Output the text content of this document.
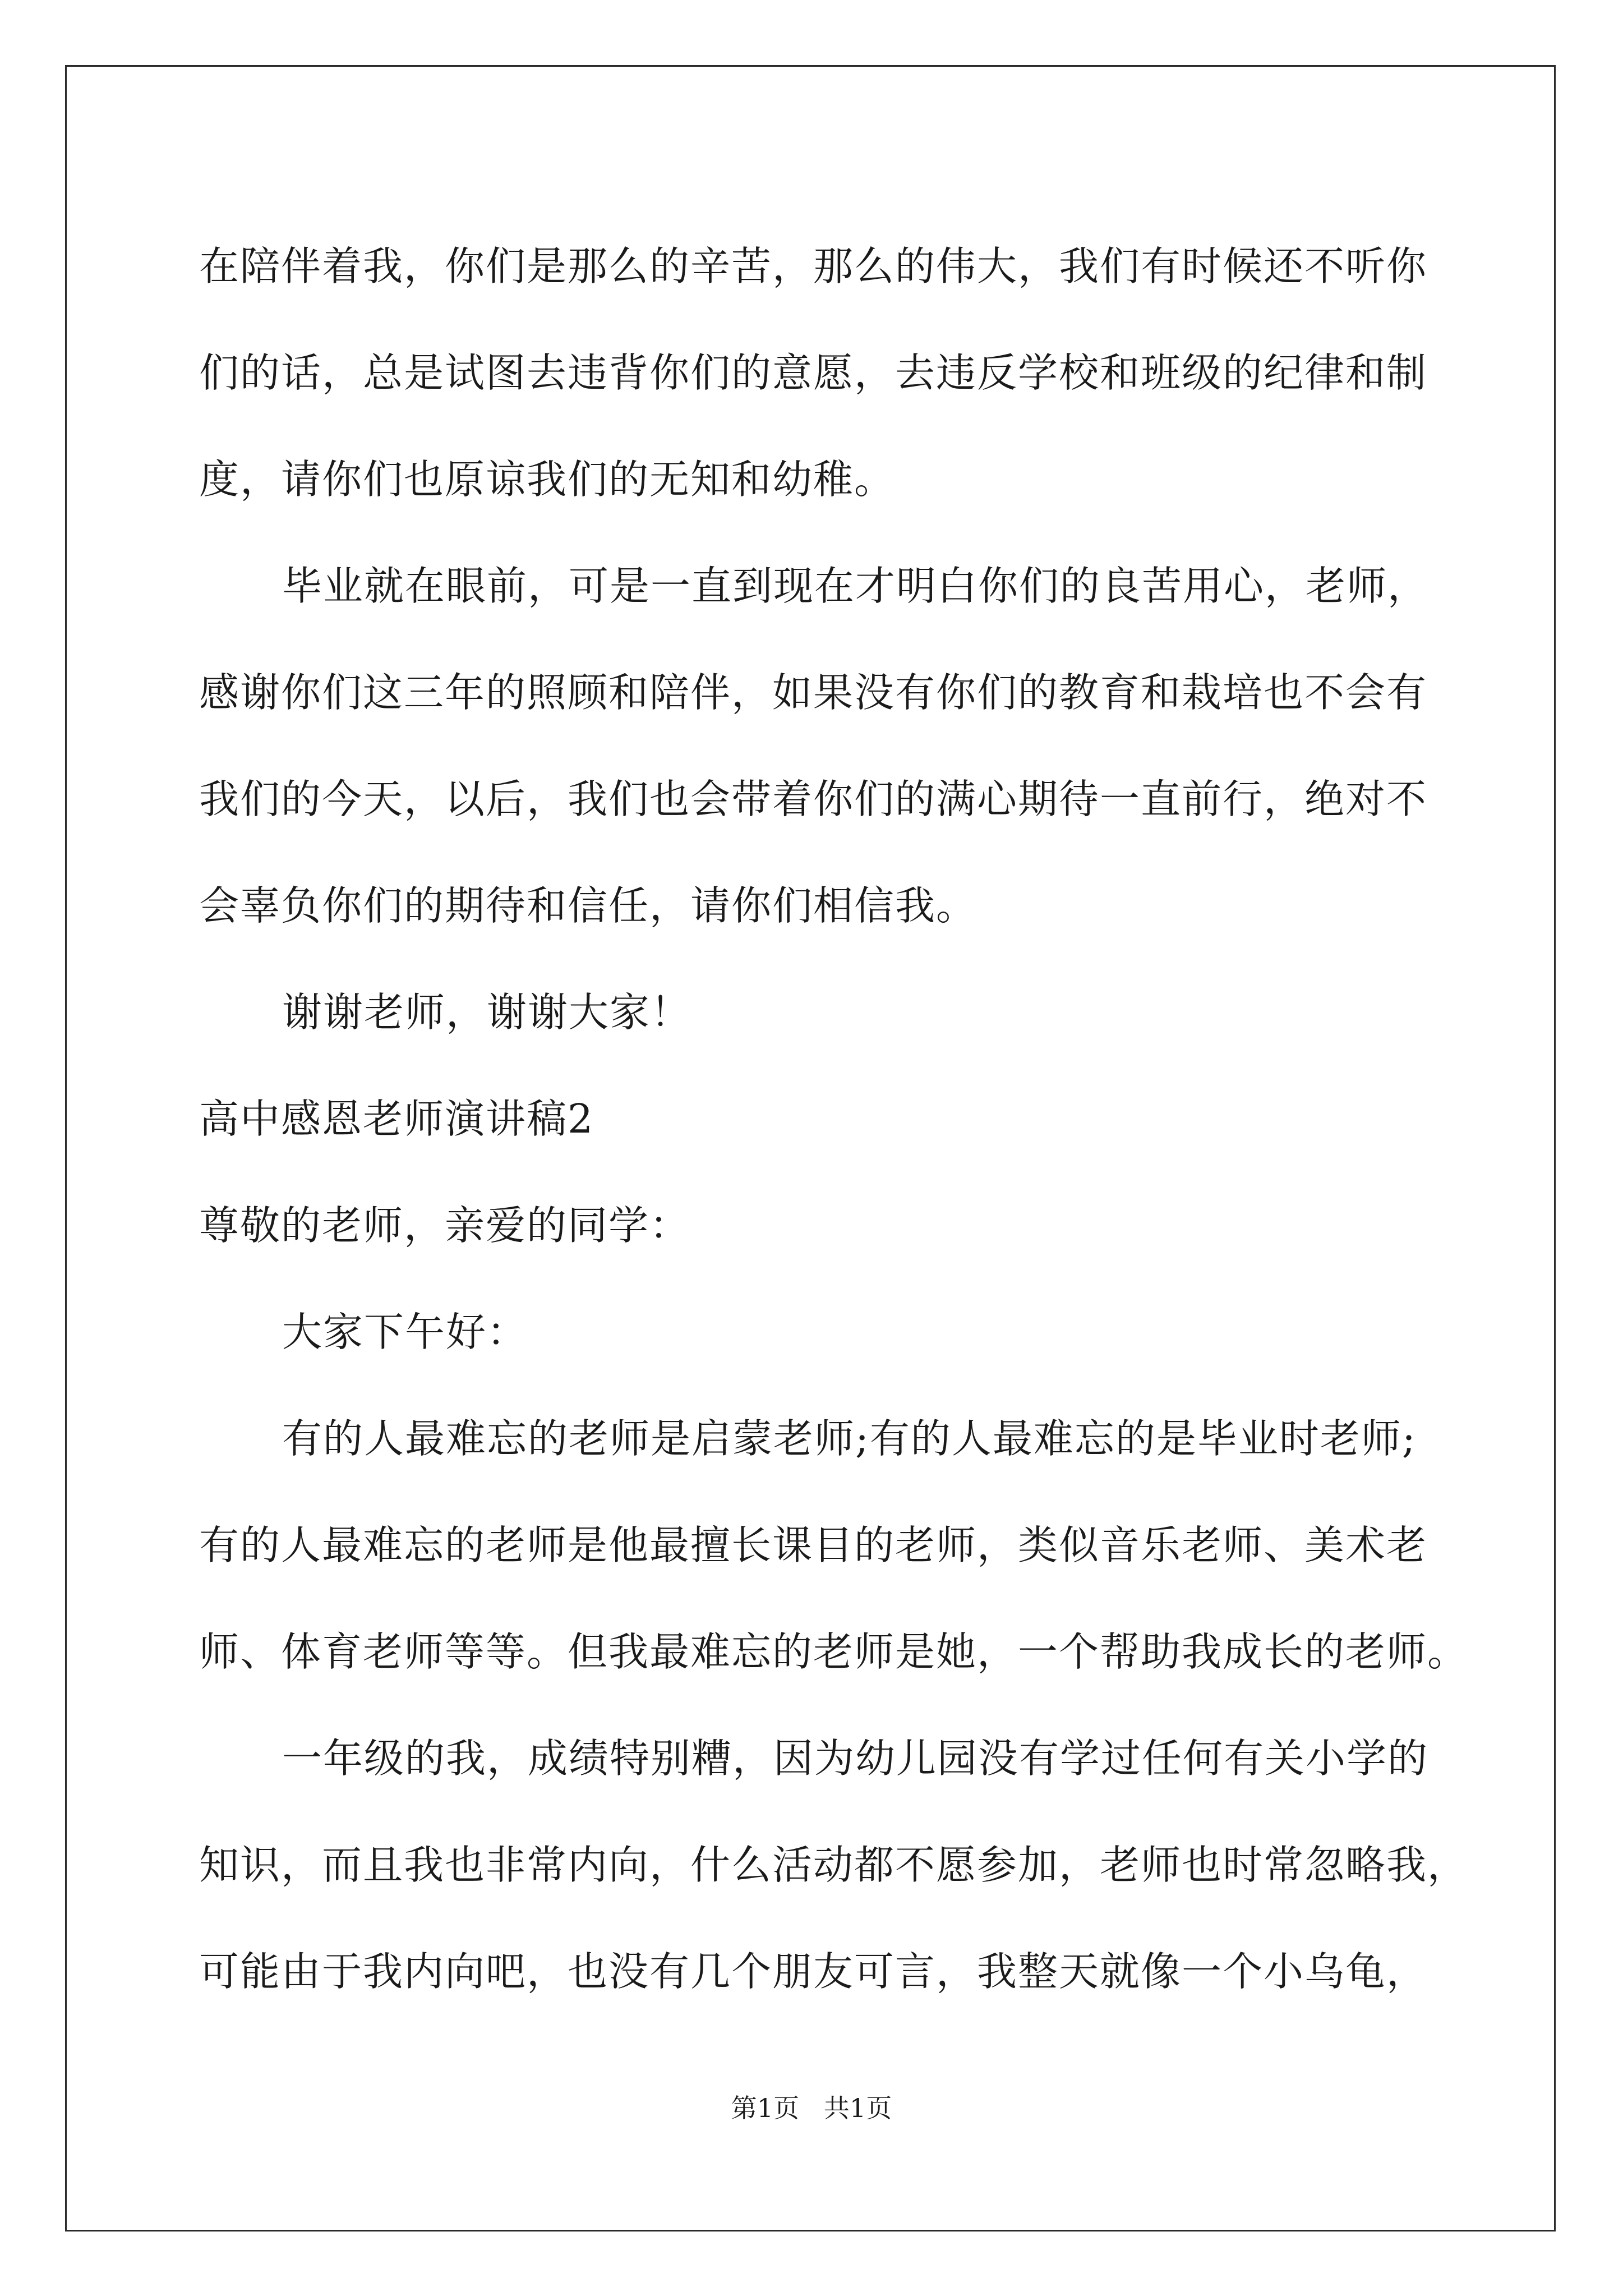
在陪伴着我，你们是那么的辛苦，那么的伟大，我们有时候还不听你
们的话，总是试图去违背你们的意愿，去违反学校和班级的纪律和制
度，请你们也原谅我们的无知和幼稚。
毕业就在眼前，可是一直到现在才明白你们的良苦用心，老师，
感谢你们这三年的照顾和陪伴，如果没有你们的教育和栽培也不会有
我们的今天，以后，我们也会带着你们的满心期待一直前行，绝对不
会辜负你们的期待和信任，请你们相信我。
谢谢老师，谢谢大家！
高中感恩老师演讲稿2
尊敬的老师，亲爱的同学：
大家下午好：
有的人最难忘的老师是启蒙老师;有的人最难忘的是毕业时老师;
有的人最难忘的老师是他最擅长课目的老师，类似音乐老师、美术老
师、体育老师等等。但我最难忘的老师是她，一个帮助我成长的老师。
一年级的我，成绩特别糟，因为幼儿园没有学过任何有关小学的
知识，而且我也非常内向，什么活动都不愿参加，老师也时常忽略我，
可能由于我内向吧，也没有几个朋友可言，我整天就像一个小乌龟，
第1页   共1页
